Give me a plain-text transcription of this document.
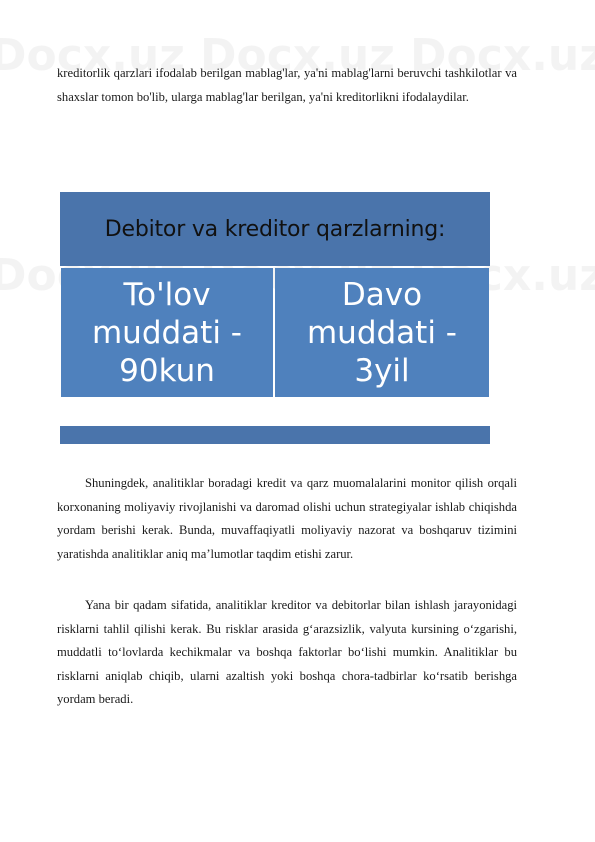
kreditorlik qarzlari ifodalab berilgan mablag'lar, ya'ni mablag'larni beruvchi tashkilotlar va shaxslar tomon bo'lib, ularga mablag'lar berilgan, ya'ni kreditorlikni ifodalaydilar.

Debitor va kreditor qarzlarning:
To'lov muddati - 90kun
Davo muddati - 3yil

Shuningdek, analitiklar boradagi kredit va qarz muomalalarini monitor qilish orqali korxonaning moliyaviy rivojlanishi va daromad olishi uchun strategiyalar ishlab chiqishda yordam berishi kerak. Bunda, muvaffaqiyatli moliyaviy nazorat va boshqaruv tizimini yaratishda analitiklar aniq ma’lumotlar taqdim etishi zarur.

Yana bir qadam sifatida, analitiklar kreditor va debitorlar bilan ishlash jarayonidagi risklarni tahlil qilishi kerak. Bu risklar arasida g‘arazsizlik, valyuta kursining o‘zgarishi, muddatli to‘lovlarda kechikmalar va boshqa faktorlar bo‘lishi mumkin. Analitiklar bu risklarni aniqlab chiqib, ularni azaltish yoki boshqa chora-tadbirlar ko‘rsatib berishga yordam beradi.
